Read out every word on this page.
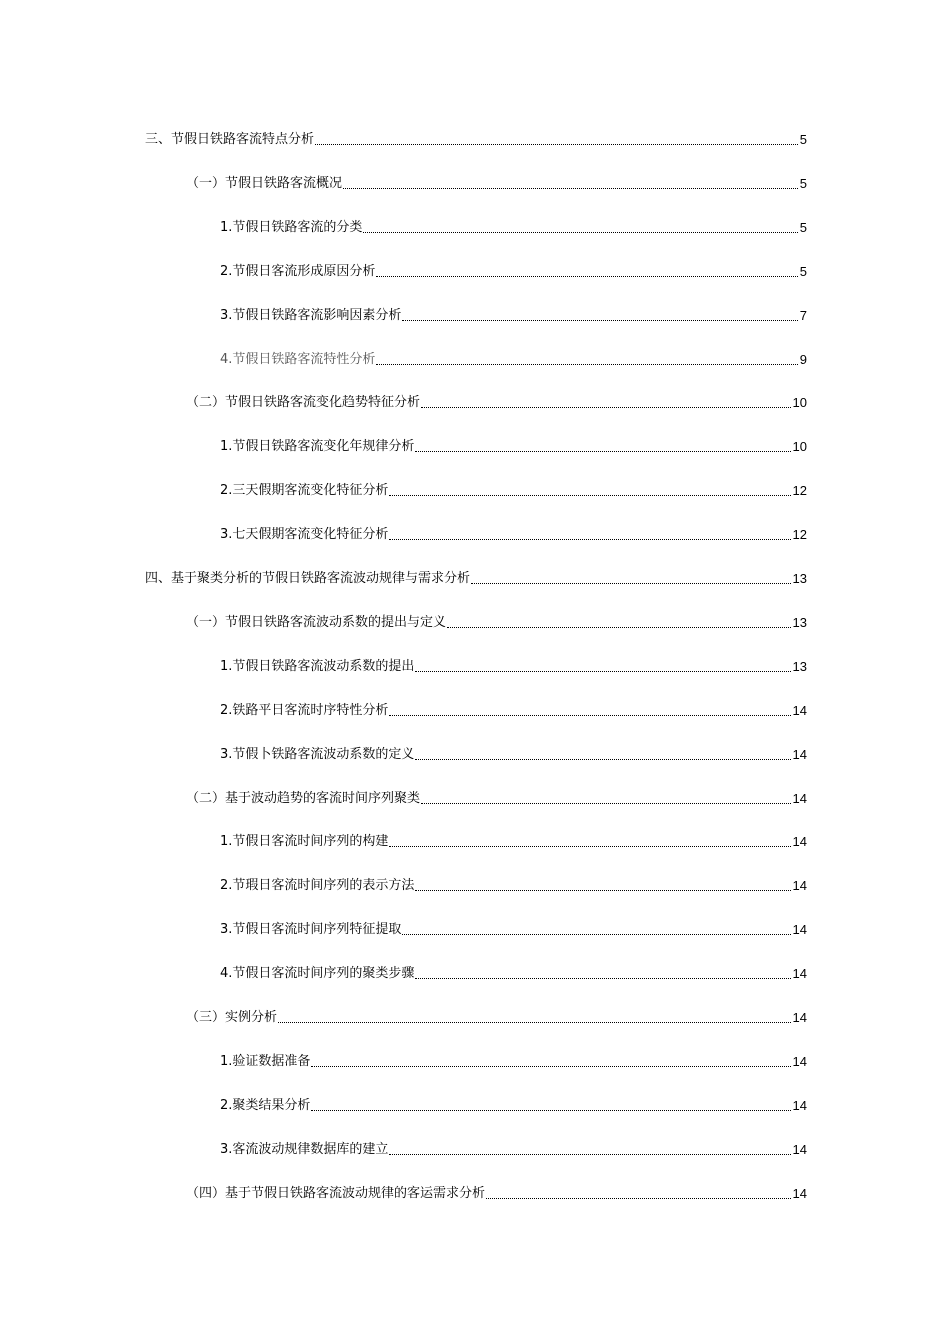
三、节假日铁路客流特点分析	5
（一）节假日铁路客流概况	5
1.节假日铁路客流的分类	5
2.节假日客流形成原因分析	5
3.节假日铁路客流影响因素分析	7
4.节假日铁路客流特性分析	9
（二）节假日铁路客流变化趋势特征分析	10
1.节假日铁路客流变化年规律分析	10
2.三天假期客流变化特征分析	12
3.七天假期客流变化特征分析	12
四、基于聚类分析的节假日铁路客流波动规律与需求分析	13
（一）节假日铁路客流波动系数的提出与定义	13
1.节假日铁路客流波动系数的提出	13
2.铁路平日客流时序特性分析	14
3.节假卜铁路客流波动系数的定义	14
（二）基于波动趋势的客流时间序列聚类	14
1.节假日客流时间序列的构建	14
2.节瑕日客流时间序列的表示方法	14
3.节假日客流时间序列特征提取	14
4.节假日客流时间序列的聚类步骤	14
（三）实例分析	14
1.验证数据准备	14
2.聚类结果分析	14
3.客流波动规律数据库的建立	14
（四）基于节假日铁路客流波动规律的客运需求分析	14
